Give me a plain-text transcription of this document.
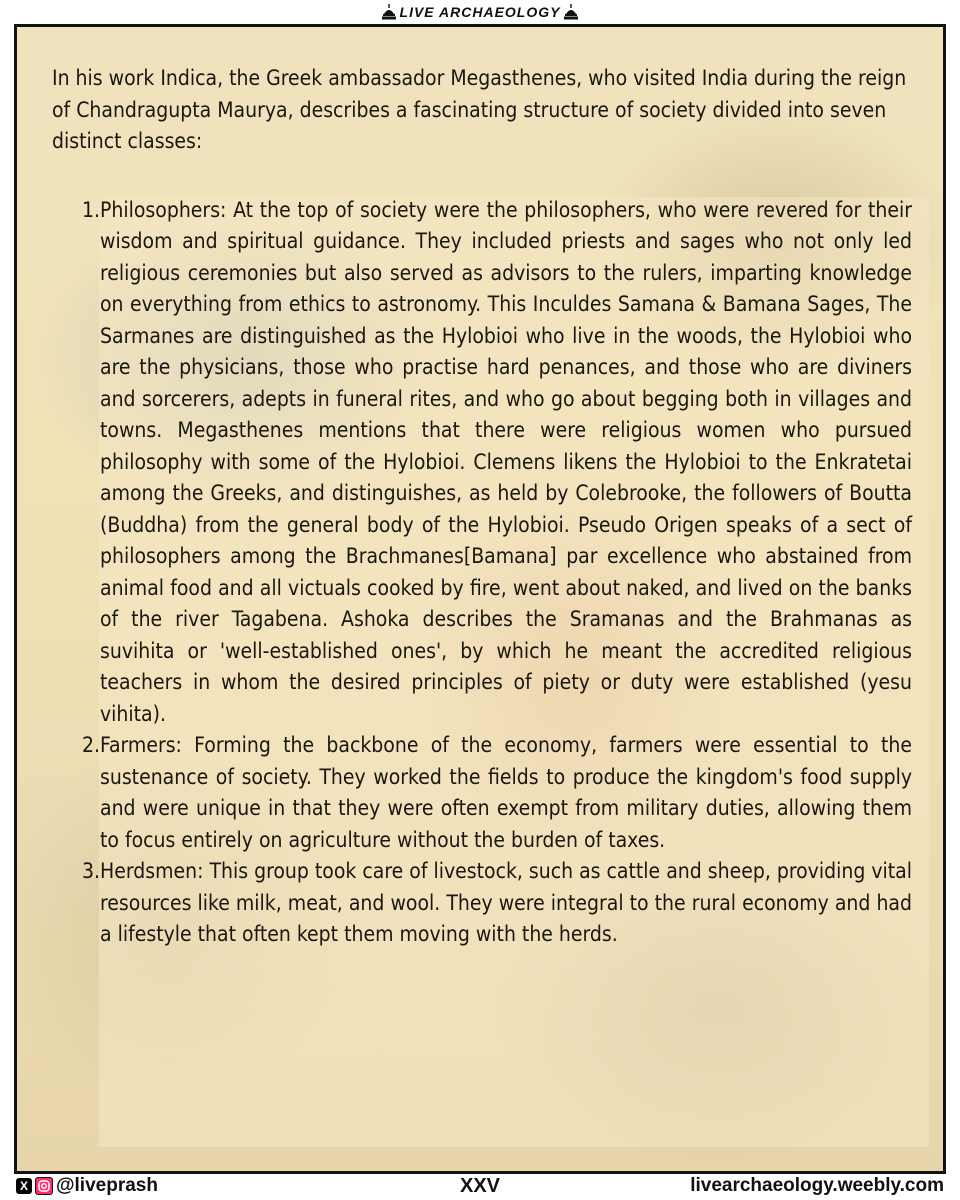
LIVE ARCHAEOLOGY

In his work Indica, the Greek ambassador Megasthenes, who visited India during the reign of Chandragupta Maurya, describes a fascinating structure of society divided into seven distinct classes:

1. Philosophers: At the top of society were the philosophers, who were revered for their wisdom and spiritual guidance. They included priests and sages who not only led religious ceremonies but also served as advisors to the rulers, imparting knowledge on everything from ethics to astronomy. This Inculdes Samana & Bamana Sages, The Sarmanes are distinguished as the Hylobioi who live in the woods, the Hylobioi who are the physicians, those who practise hard penances, and those who are diviners and sorcerers, adepts in funeral rites, and who go about begging both in villages and towns. Megasthenes mentions that there were religious women who pursued philosophy with some of the Hylobioi. Clemens likens the Hylobioi to the Enkratetai among the Greeks, and distinguishes, as held by Colebrooke, the followers of Boutta (Buddha) from the general body of the Hylobioi. Pseudo Origen speaks of a sect of philosophers among the Brachmanes[Bamana] par excellence who abstained from animal food and all victuals cooked by fire, went about naked, and lived on the banks of the river Tagabena. Ashoka describes the Sramanas and the Brahmanas as suvihita or 'well-established ones', by which he meant the accredited religious teachers in whom the desired principles of piety or duty were established (yesu vihita).
2. Farmers: Forming the backbone of the economy, farmers were essential to the sustenance of society. They worked the fields to produce the kingdom's food supply and were unique in that they were often exempt from military duties, allowing them to focus entirely on agriculture without the burden of taxes.
3. Herdsmen: This group took care of livestock, such as cattle and sheep, providing vital resources like milk, meat, and wool. They were integral to the rural economy and had a lifestyle that often kept them moving with the herds.
X @liveprash	XXV	livearchaeology.weebly.com
